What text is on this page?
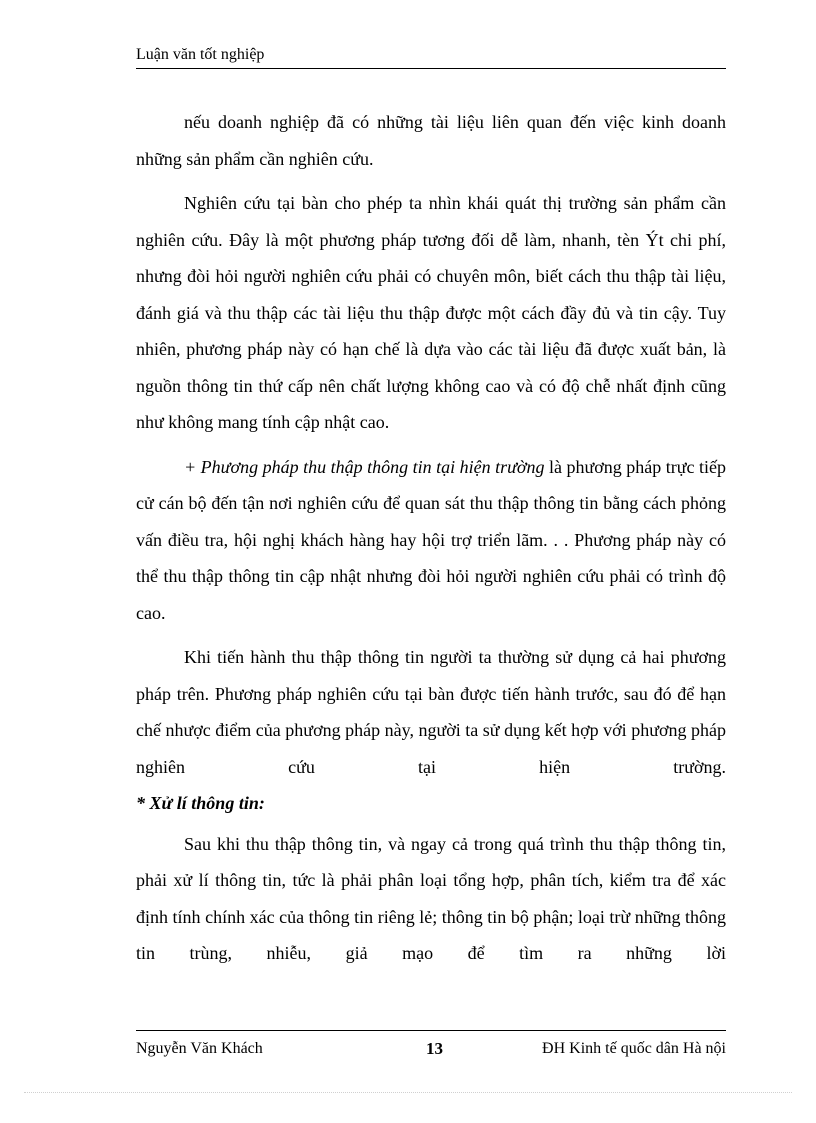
Luận văn tốt nghiệp

nếu doanh nghiệp đã có những tài liệu liên quan đến việc kinh doanh những sản phẩm cần nghiên cứu.

Nghiên cứu tại bàn cho phép ta nhìn khái quát thị trường sản phẩm cần nghiên cứu. Đây là một phương pháp tương đối dễ làm, nhanh, tèn Ýt chi phí, nhưng đòi hỏi người nghiên cứu phải có chuyên môn, biết cách thu thập tài liệu, đánh giá và thu thập các tài liệu thu thập được một cách đầy đủ và tin cậy. Tuy nhiên, phương pháp này có hạn chế là dựa vào các tài liệu đã được xuất bản, là nguồn thông tin thứ cấp nên chất lượng không cao và có độ chễ nhất định cũng như không mang tính cập nhật cao.

+ Phương pháp thu thập thông tin tại hiện trường là phương pháp trực tiếp cử cán bộ đến tận nơi nghiên cứu để quan sát thu thập thông tin bằng cách phỏng vấn điều tra, hội nghị khách hàng hay hội trợ triển lãm. . . Phương pháp này có thể thu thập thông tin cập nhật nhưng đòi hỏi người nghiên cứu phải có trình độ cao.

Khi tiến hành thu thập thông tin người ta thường sử dụng cả hai phương pháp trên. Phương pháp nghiên cứu tại bàn được tiến hành trước, sau đó để hạn chế nhược điểm của phương pháp này, người ta sử dụng kết hợp với phương pháp nghiên cứu tại hiện trường.

* Xử lí thông tin:

Sau khi thu thập thông tin, và ngay cả trong quá trình thu thập thông tin, phải xử lí thông tin, tức là phải phân loại tổng hợp, phân tích, kiểm tra để xác định tính chính xác của thông tin riêng lẻ; thông tin bộ phận; loại trừ những thông tin trùng, nhiễu, giả mạo để tìm ra những lời

Nguyễn Văn Khách	13	ĐH Kinh tế quốc dân Hà nội
